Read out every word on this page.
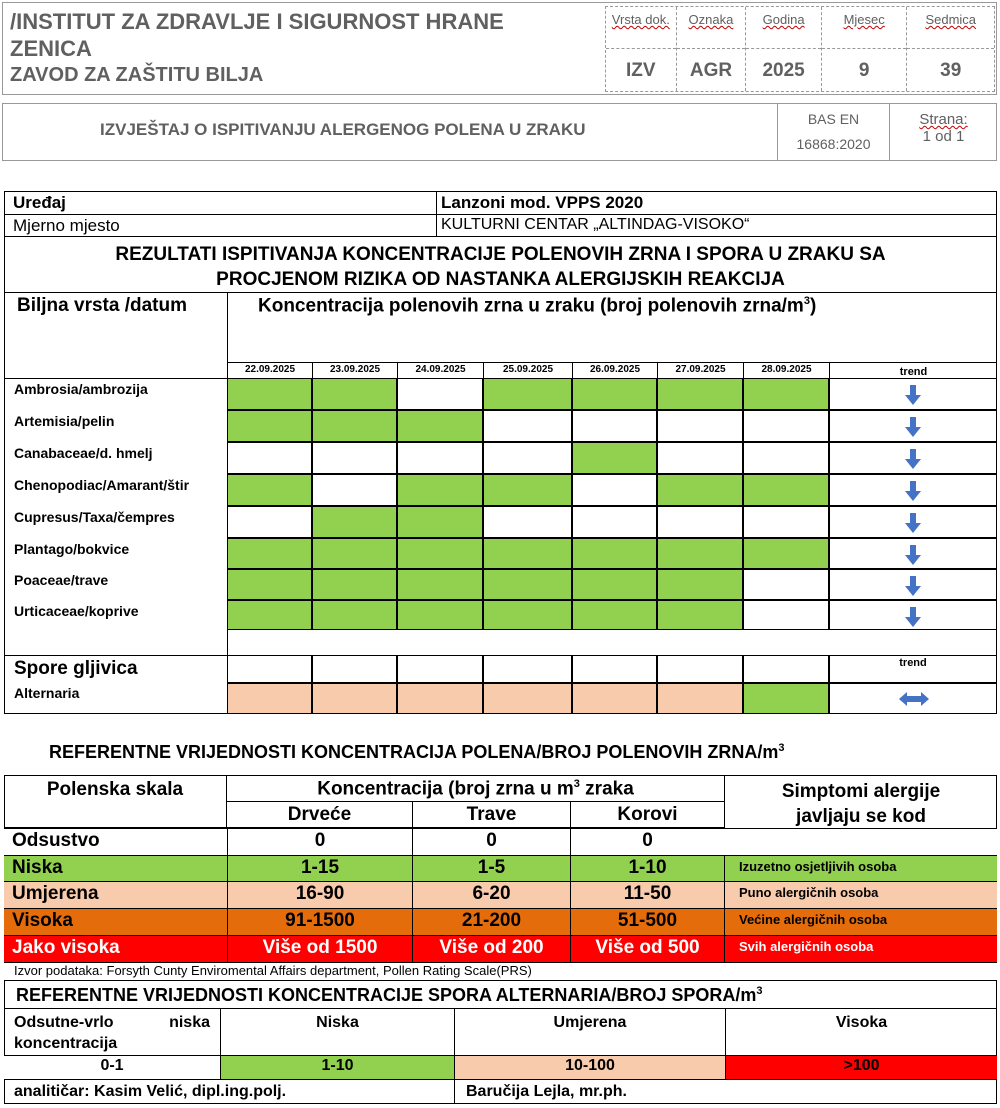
/INSTITUT ZA ZDRAVLJE I SIGURNOST HRANE
ZENICA
ZAVOD ZA ZAŠTITU BILJA
Vrsta dok.
IZV
Oznaka
AGR
Godina
2025
Mjesec
9
Sedmica
39
IZVJEŠTAJ O ISPITIVANJU ALERGENOG POLENA U ZRAKU
BAS EN
16868:2020
Strana:
1 od 1
Uređaj	Lanzoni mod. VPPS 2020
Mjerno mjesto	KULTURNI CENTAR „ALTINDAG-VISOKO“
REZULTATI ISPITIVANJA KONCENTRACIJE POLENOVIH ZRNA I SPORA U ZRAKU SA
PROCJENOM RIZIKA OD NASTANKA ALERGIJSKIH REAKCIJA
Biljna vrsta /datum	Koncentracija polenovih zrna u zraku (broj polenovih zrna/$m^3$)
22.09.2025	23.09.2025	24.09.2025	25.09.2025	26.09.2025	27.09.2025	28.09.2025	trend
Ambrosia/ambrozija
Artemisia/pelin
Canabaceae/d. hmelj
Chenopodiac/Amarant/štir
Cupresus/Taxa/čempres
Plantago/bokvice
Poaceae/trave
Urticaceae/koprive
Spore gljivica	trend
Alternaria
REFERENTNE VRIJEDNOSTI KONCENTRACIJA POLENA/BROJ POLENOVIH ZRNA/$m^3$
Polenska skala	Koncentracija (broj zrna u $m^3$ zraka	Simptomi alergije
javljaju se kod
Drveće	Trave	Korovi
Odsustvo	0	0	0
Niska	1-15	1-5	1-10	Izuzetno osjetljivih osoba
Umjerena	16-90	6-20	11-50	Puno alergičnih osoba
Visoka	91-1500	21-200	51-500	Većine alergičnih osoba
Jako visoka	Više od 1500	Više od 200	Više od 500	Svih alergičnih osoba
Izvor podataka: Forsyth Cunty Enviromental Affairs department, Pollen Rating Scale(PRS)
REFERENTNE VRIJEDNOSTI KONCENTRACIJE SPORA ALTERNARIA/BROJ SPORA/$m^3$
Odsutne-vrlo niska koncentracija
Niska	Umjerena	Visoka
0-1	1-10	10-100	>100
analitičar: Kasim Velić, dipl.ing.polj.	Baručija Lejla, mr.ph.
